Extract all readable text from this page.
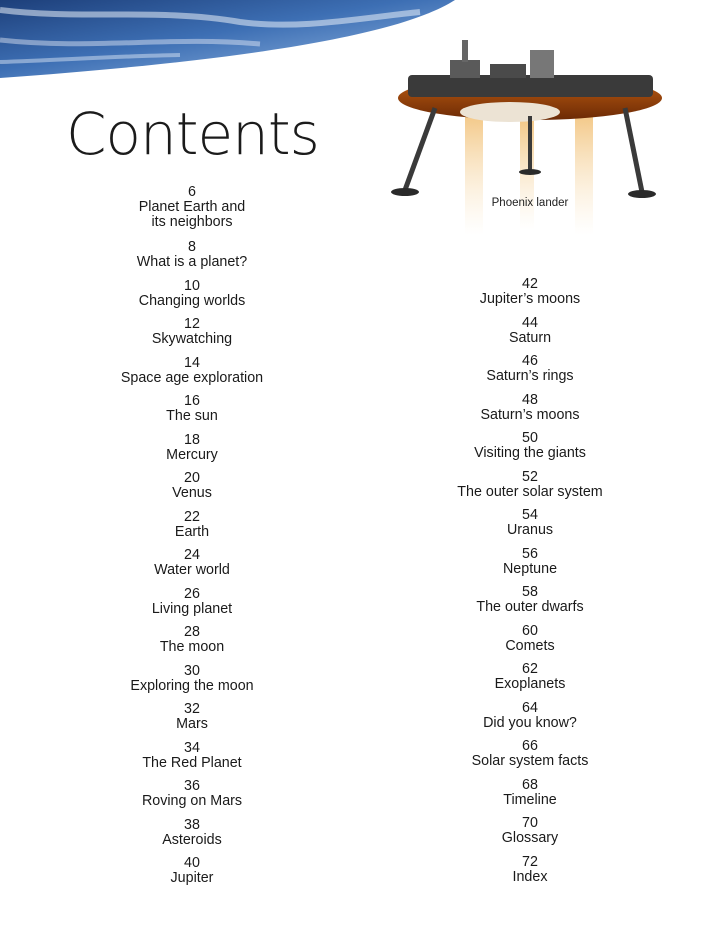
Contents
Phoenix lander
6
Planet Earth and
its neighbors
8
What is a planet?
10
Changing worlds
12
Skywatching
14
Space age exploration
16
The sun
18
Mercury
20
Venus
22
Earth
24
Water world
26
Living planet
28
The moon
30
Exploring the moon
32
Mars
34
The Red Planet
36
Roving on Mars
38
Asteroids
40
Jupiter
42
Jupiter’s moons
44
Saturn
46
Saturn’s rings
48
Saturn’s moons
50
Visiting the giants
52
The outer solar system
54
Uranus
56
Neptune
58
The outer dwarfs
60
Comets
62
Exoplanets
64
Did you know?
66
Solar system facts
68
Timeline
70
Glossary
72
Index
